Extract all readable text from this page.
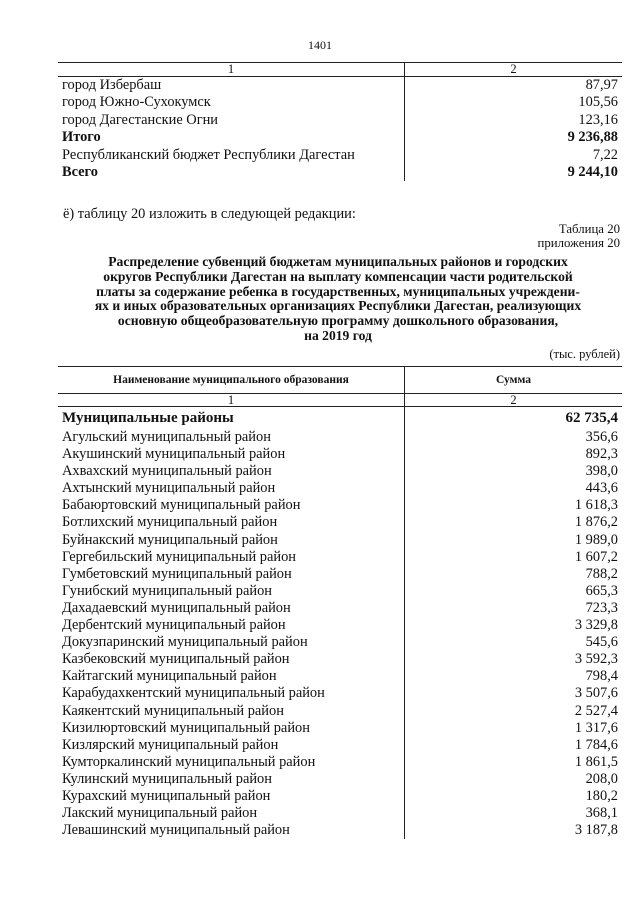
1401
1	2
город Избербаш	87,97
город Южно-Сухокумск	105,56
город Дагестанские Огни	123,16
Итого	9 236,88
Республиканский бюджет Республики Дагестан	7,22
Всего	9 244,10
ё) таблицу 20 изложить в следующей редакции:
Таблица 20
приложения 20
Распределение субвенций бюджетам муниципальных районов и городских
округов Республики Дагестан на выплату компенсации части родительской
платы за содержание ребенка в государственных, муниципальных учреждени-
ях и иных образовательных организациях Республики Дагестан, реализующих
основную общеобразовательную программу дошкольного образования,
на 2019 год
(тыс. рублей)
Наименование муниципального образования	Сумма
1	2
Муниципальные районы	62 735,4
Агульский муниципальный район	356,6
Акушинский муниципальный район	892,3
Ахвахский муниципальный район	398,0
Ахтынский муниципальный район	443,6
Бабаюртовский муниципальный район	1 618,3
Ботлихский муниципальный район	1 876,2
Буйнакский муниципальный район	1 989,0
Гергебильский муниципальный район	1 607,2
Гумбетовский муниципальный район	788,2
Гунибский муниципальный район	665,3
Дахадаевский муниципальный район	723,3
Дербентский муниципальный район	3 329,8
Докузпаринский муниципальный район	545,6
Казбековский муниципальный район	3 592,3
Кайтагский муниципальный район	798,4
Карабудахкентский муниципальный район	3 507,6
Каякентский муниципальный район	2 527,4
Кизилюртовский муниципальный район	1 317,6
Кизлярский муниципальный район	1 784,6
Кумторкалинский муниципальный район	1 861,5
Кулинский муниципальный район	208,0
Курахский муниципальный район	180,2
Лакский муниципальный район	368,1
Левашинский муниципальный район	3 187,8
